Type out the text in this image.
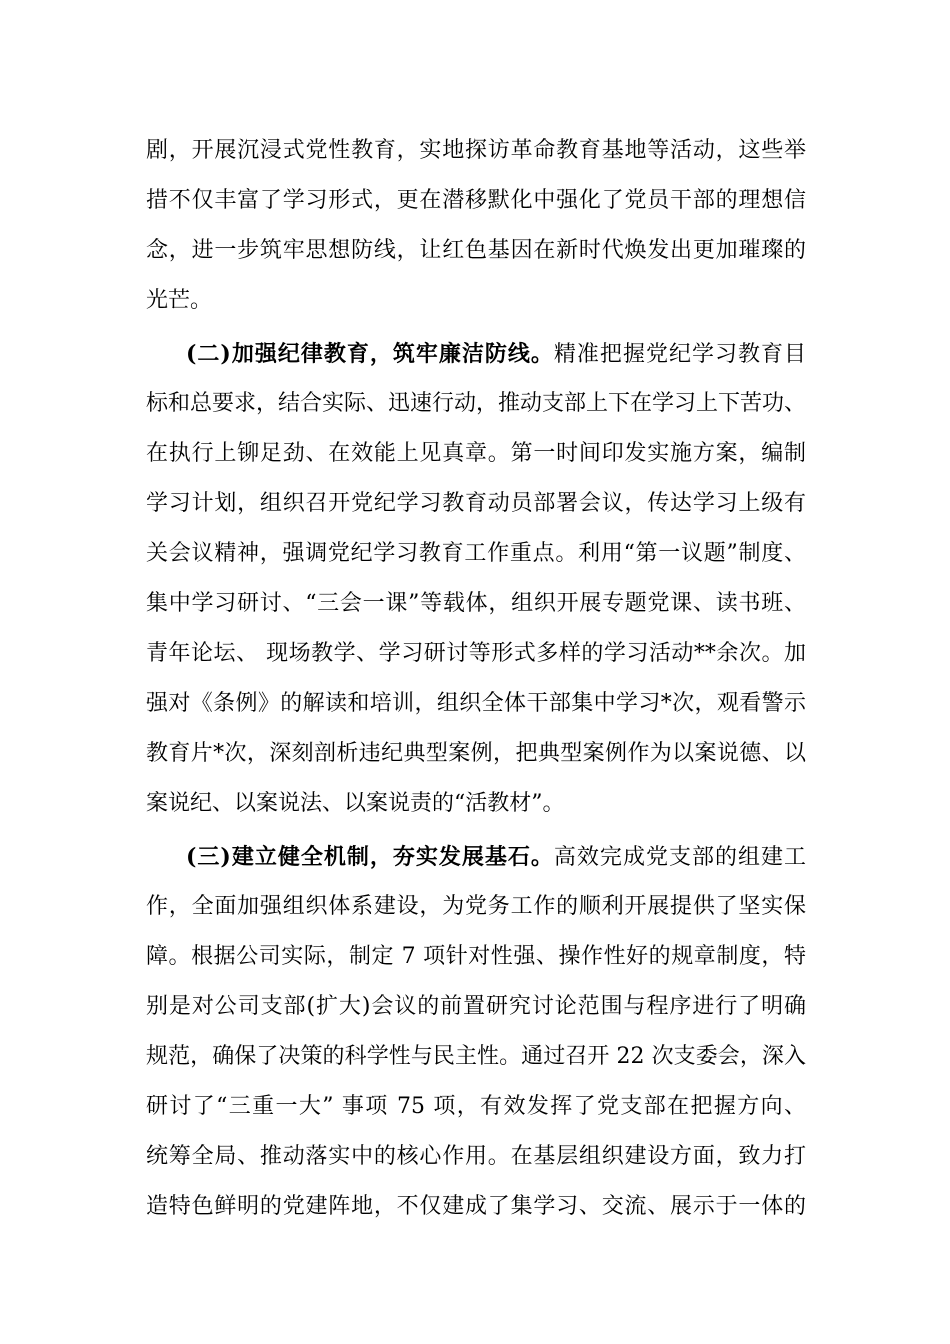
剧，开展沉浸式党性教育，实地探访革命教育基地等活动，这些举
措不仅丰富了学习形式，更在潜移默化中强化了党员干部的理想信
念，进一步筑牢思想防线，让红色基因在新时代焕发出更加璀璨的
光芒。
(二)加强纪律教育，筑牢廉洁防线。精准把握党纪学习教育目
标和总要求，结合实际、迅速行动，推动支部上下在学习上下苦功、
在执行上铆足劲、在效能上见真章。第一时间印发实施方案，编制
学习计划，组织召开党纪学习教育动员部署会议，传达学习上级有
关会议精神，强调党纪学习教育工作重点。利用“第一议题”制度、
集中学习研讨、“三会一课”等载体，组织开展专题党课、读书班、
青年论坛、 现场教学、学习研讨等形式多样的学习活动**余次。加
强对《条例》的解读和培训，组织全体干部集中学习*次，观看警示
教育片*次，深刻剖析违纪典型案例，把典型案例作为以案说德、以
案说纪、以案说法、以案说责的“活教材”。
(三)建立健全机制，夯实发展基石。高效完成党支部的组建工
作，全面加强组织体系建设，为党务工作的顺利开展提供了坚实保
障。根据公司实际，制定 7 项针对性强、操作性好的规章制度，特
别是对公司支部(扩大)会议的前置研究讨论范围与程序进行了明确
规范，确保了决策的科学性与民主性。通过召开 22 次支委会，深入
研讨了“三重一大” 事项 75 项，有效发挥了党支部在把握方向、
统筹全局、推动落实中的核心作用。在基层组织建设方面，致力打
造特色鲜明的党建阵地，不仅建成了集学习、交流、展示于一体的
